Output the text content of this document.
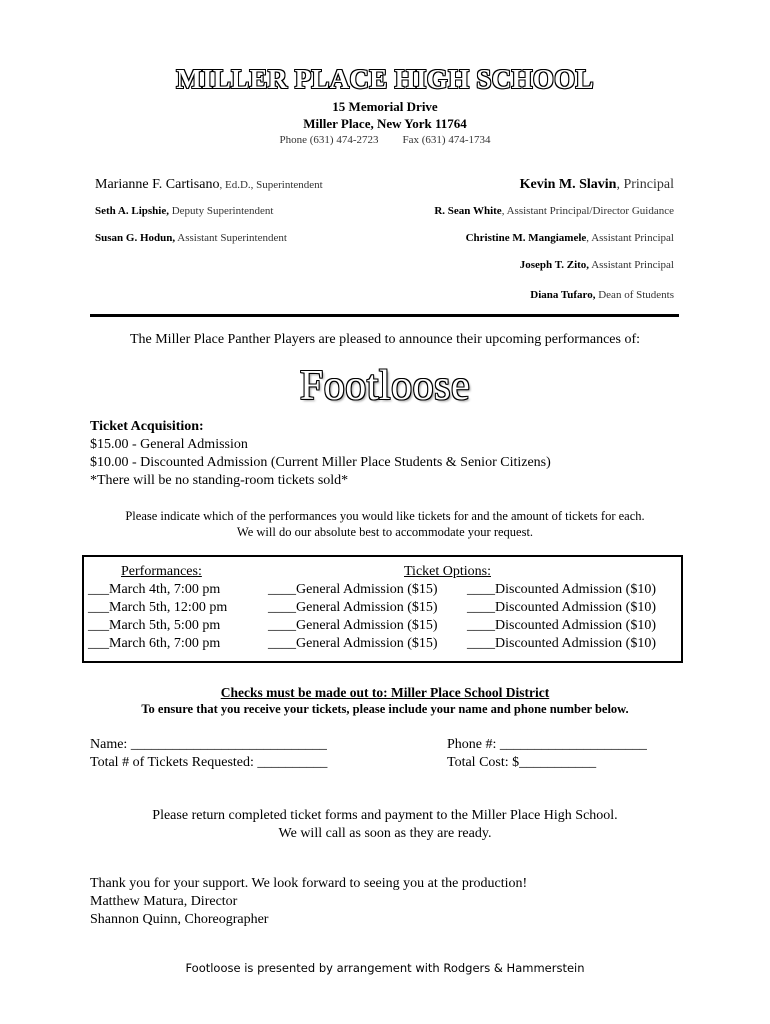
MILLER PLACE HIGH SCHOOL
15 Memorial Drive
Miller Place, New York 11764
Phone (631) 474-2723 Fax (631) 474-1734
Marianne F. Cartisano, Ed.D., Superintendent
Seth A. Lipshie, Deputy Superintendent
Susan G. Hodun, Assistant Superintendent
Kevin M. Slavin, Principal
R. Sean White, Assistant Principal/Director Guidance
Christine M. Mangiamele, Assistant Principal
Joseph T. Zito, Assistant Principal
Diana Tufaro, Dean of Students
The Miller Place Panther Players are pleased to announce their upcoming performances of:
Footloose
Ticket Acquisition:
$15.00 - General Admission
$10.00 - Discounted Admission (Current Miller Place Students & Senior Citizens)
*There will be no standing-room tickets sold*
Please indicate which of the performances you would like tickets for and the amount of tickets for each.
We will do our absolute best to accommodate your request.
Performances:	Ticket Options:
___March 4th, 7:00 pm	____General Admission ($15) ____Discounted Admission ($10)
___March 5th, 12:00 pm	____General Admission ($15) ____Discounted Admission ($10)
___March 5th, 5:00 pm	____General Admission ($15) ____Discounted Admission ($10)
___March 6th, 7:00 pm	____General Admission ($15) ____Discounted Admission ($10)
Checks must be made out to: Miller Place School District
To ensure that you receive your tickets, please include your name and phone number below.
Name: ____________________________	Phone #: _____________________
Total # of Tickets Requested: __________	Total Cost: $___________
Please return completed ticket forms and payment to the Miller Place High School.
We will call as soon as they are ready.
Thank you for your support. We look forward to seeing you at the production!
Matthew Matura, Director
Shannon Quinn, Choreographer
Footloose is presented by arrangement with Rodgers & Hammerstein
